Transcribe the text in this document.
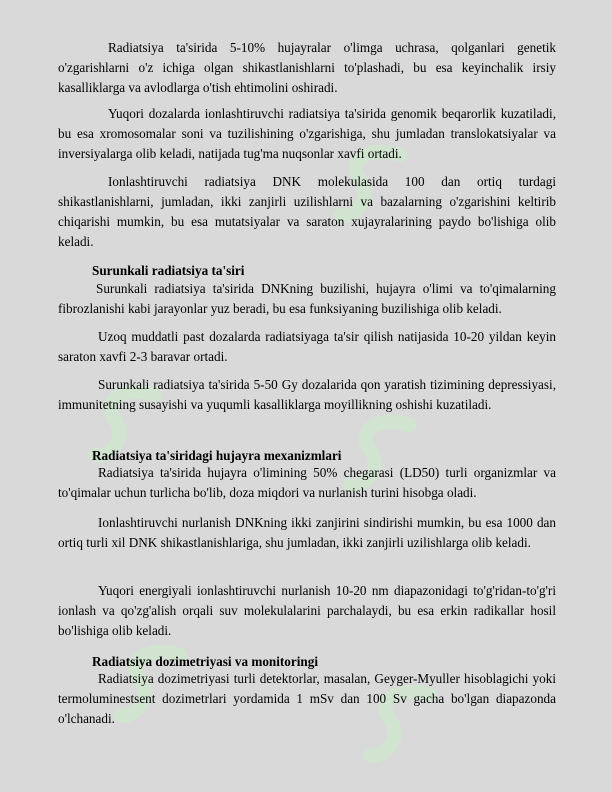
Radiatsiya ta'sirida 5-10% hujayralar o'limga uchrasa, qolganlari genetik o'zgarishlarni o'z ichiga olgan shikastlanishlarni to'plashadi, bu esa keyinchalik irsiy kasalliklarga va avlodlarga o'tish ehtimolini oshiradi.

Yuqori dozalarda ionlashtiruvchi radiatsiya ta'sirida genomik beqarorlik kuzatiladi, bu esa xromosomalar soni va tuzilishining o'zgarishiga, shu jumladan translokatsiyalar va inversiyalarga olib keladi, natijada tug'ma nuqsonlar xavfi ortadi.

Ionlashtiruvchi radiatsiya DNK molekulasida 100 dan ortiq turdagi shikastlanishlarni, jumladan, ikki zanjirli uzilishlarni va bazalarning o'zgarishini keltirib chiqarishi mumkin, bu esa mutatsiyalar va saraton xujayralarining paydo bo'lishiga olib keladi.

Surunkali radiatsiya ta'siri

Surunkali radiatsiya ta'sirida DNKning buzilishi, hujayra o'limi va to'qimalarning fibrozlanishi kabi jarayonlar yuz beradi, bu esa funksiyaning buzilishiga olib keladi.

Uzoq muddatli past dozalarda radiatsiyaga ta'sir qilish natijasida 10-20 yildan keyin saraton xavfi 2-3 baravar ortadi.

Surunkali radiatsiya ta'sirida 5-50 Gy dozalarida qon yaratish tizimining depressiyasi, immunitetning susayishi va yuqumli kasalliklarga moyillikning oshishi kuzatiladi.

Radiatsiya ta'siridagi hujayra mexanizmlari

Radiatsiya ta'sirida hujayra o'limining 50% chegarasi (LD50) turli organizmlar va to'qimalar uchun turlicha bo'lib, doza miqdori va nurlanish turini hisobga oladi.

Ionlashtiruvchi nurlanish DNKning ikki zanjirini sindirishi mumkin, bu esa 1000 dan ortiq turli xil DNK shikastlanishlariga, shu jumladan, ikki zanjirli uzilishlarga olib keladi.

Yuqori energiyali ionlashtiruvchi nurlanish 10-20 nm diapazonidagi to'g'ridan-to'g'ri ionlash va qo'zg'alish orqali suv molekulalarini parchalaydi, bu esa erkin radikallar hosil bo'lishiga olib keladi.

Radiatsiya dozimetriyasi va monitoringi

Radiatsiya dozimetriyasi turli detektorlar, masalan, Geyger-Myuller hisoblagichi yoki termoluminestsent dozimetrlari yordamida 1 mSv dan 100 Sv gacha bo'lgan diapazonda o'lchanadi.
